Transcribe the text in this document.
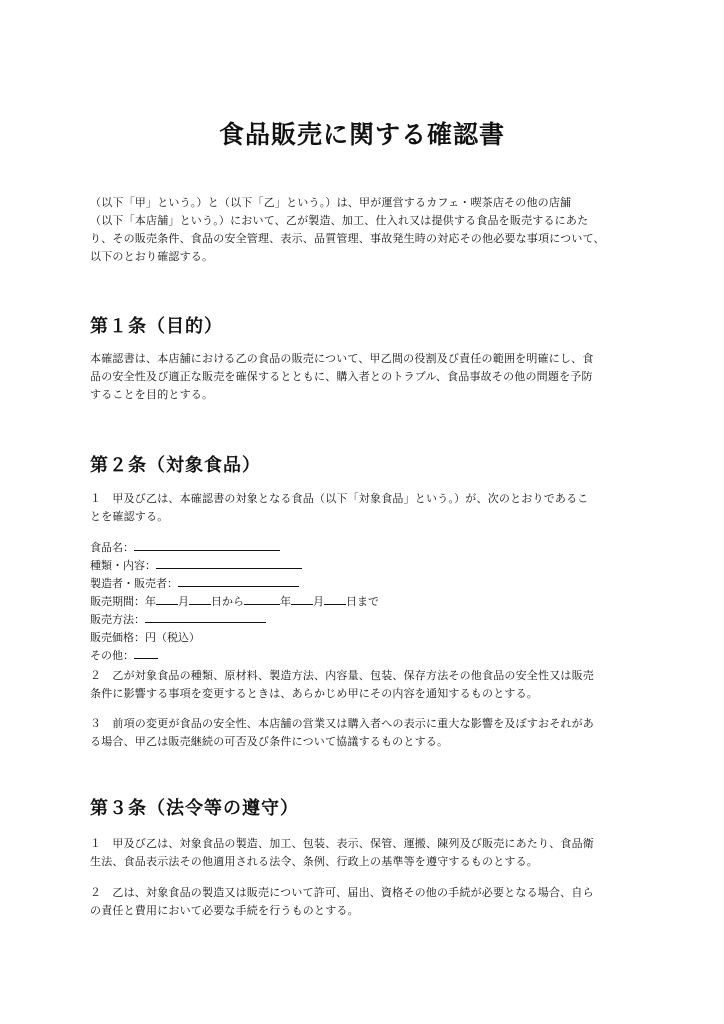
食品販売に関する確認書
（以下「甲」という。）と（以下「乙」という。）は、甲が運営するカフェ・喫茶店その他の店舗
（以下「本店舗」という。）において、乙が製造、加工、仕入れ又は提供する食品を販売するにあた
り、その販売条件、食品の安全管理、表示、品質管理、事故発生時の対応その他必要な事項について、
以下のとおり確認する。
第１条（目的）
本確認書は、本店舗における乙の食品の販売について、甲乙間の役割及び責任の範囲を明確にし、食
品の安全性及び適正な販売を確保するとともに、購入者とのトラブル、食品事故その他の問題を予防
することを目的とする。
第２条（対象食品）
１　甲及び乙は、本確認書の対象となる食品（以下「対象食品」という。）が、次のとおりであるこ
とを確認する。
食品名：
種類・内容：
製造者・販売者：
販売期間：年 月 日から	年 月 日まで
販売方法：
販売価格：円（税込）
その他：
２　乙が対象食品の種類、原材料、製造方法、内容量、包装、保存方法その他食品の安全性又は販売
条件に影響する事項を変更するときは、あらかじめ甲にその内容を通知するものとする。
３　前項の変更が食品の安全性、本店舗の営業又は購入者への表示に重大な影響を及ぼすおそれがあ
る場合、甲乙は販売継続の可否及び条件について協議するものとする。
第３条（法令等の遵守）
１　甲及び乙は、対象食品の製造、加工、包装、表示、保管、運搬、陳列及び販売にあたり、食品衛
生法、食品表示法その他適用される法令、条例、行政上の基準等を遵守するものとする。
２　乙は、対象食品の製造又は販売について許可、届出、資格その他の手続が必要となる場合、自ら
の責任と費用において必要な手続を行うものとする。
